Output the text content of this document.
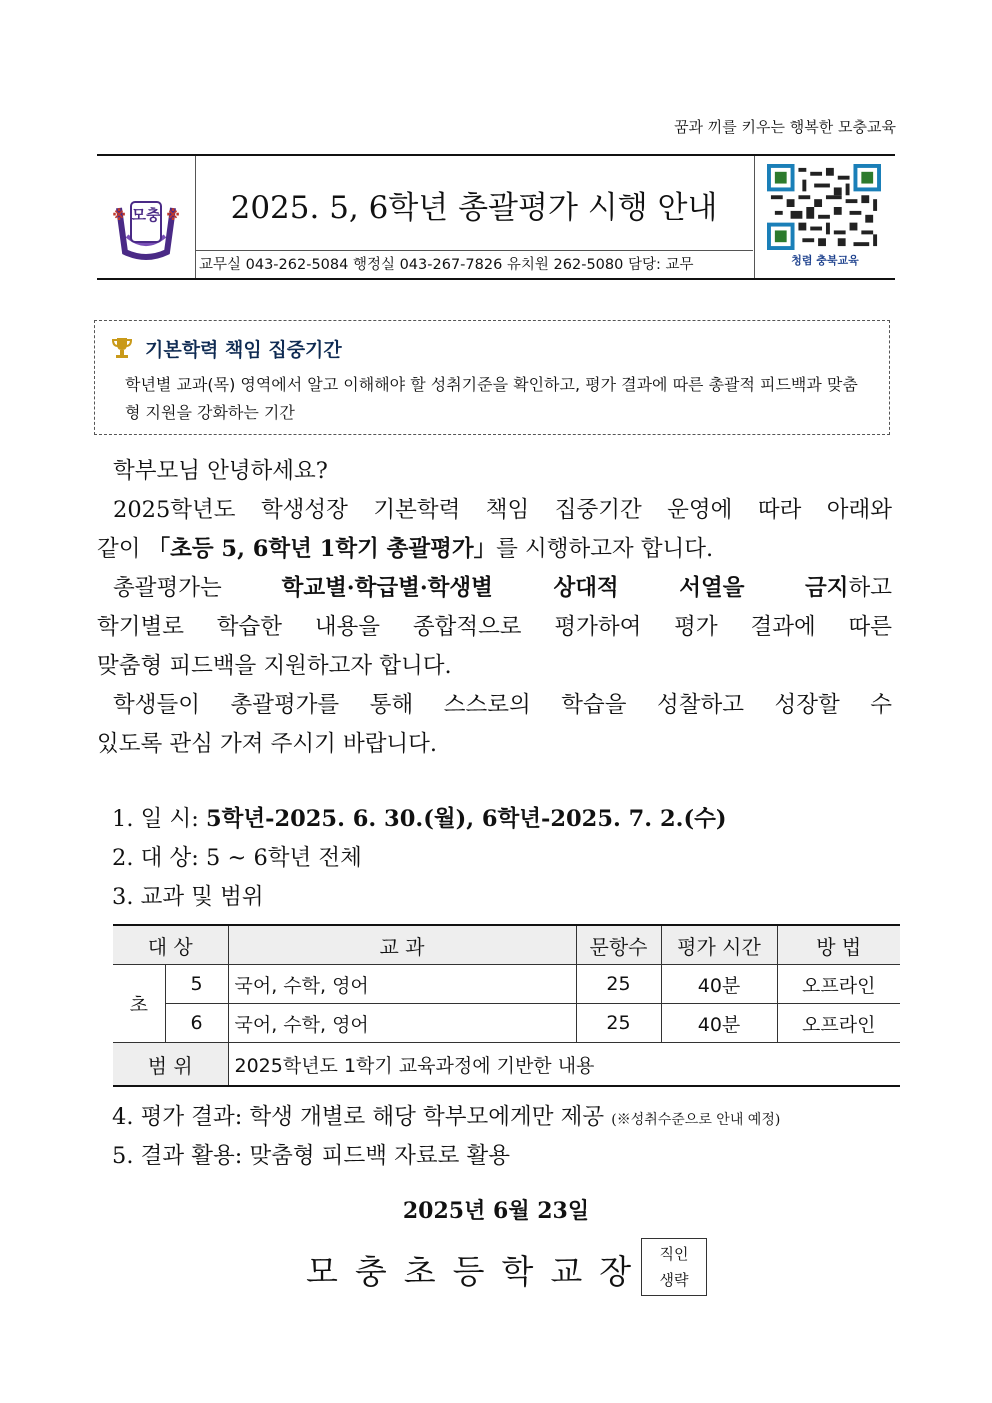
꿈과 끼를 키우는 행복한 모충교육
모충
※	※	2025. 5, 6학년 총괄평가 시행 안내
교무실 043-262-5084 행정실 043-267-7826 유치원 262-5080 담당: 교무	청렴 충북교육
기본학력 책임 집중기간
학년별 교과(목) 영역에서 알고 이해해야 할 성취기준을 확인하고, 평가 결과에 따른 총괄적 피드백과 맞춤형 지원을 강화하는 기간
학부모님 안녕하세요?
2025학년도 학생성장 기본학력 책임 집중기간 운영에 따라 아래와
같이 「초등 5, 6학년 1학기 총괄평가」를 시행하고자 합니다.
총괄평가는 학교별·학급별·학생별 상대적 서열을 금지하고
학기별로 학습한 내용을 종합적으로 평가하여 평가 결과에 따른
맞춤형 피드백을 지원하고자 합니다.
학생들이 총괄평가를 통해 스스로의 학습을 성찰하고 성장할 수
있도록 관심 가져 주시기 바랍니다.
1. 일 시: 5학년-2025. 6. 30.(월), 6학년-2025. 7. 2.(수)
2. 대 상: 5 ~ 6학년 전체
3. 교과 및 범위
대 상		교 과	문항수	평가 시간	방 법
초	5	국어, 수학, 영어	25	40분	오프라인
	6	국어, 수학, 영어	25	40분	오프라인
범 위		2025학년도 1학기 교육과정에 기반한 내용			
4. 평가 결과: 학생 개별로 해당 학부모에게만 제공 (※성취수준으로 안내 예정)
5. 결과 활용: 맞춤형 피드백 자료로 활용
2025년 6월 23일
모충초등학교장 직인
생략
